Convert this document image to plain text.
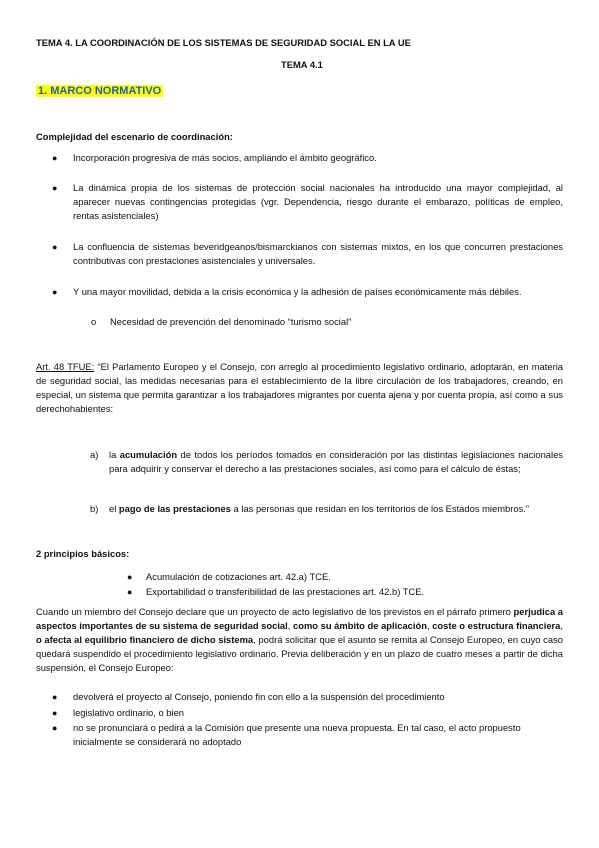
TEMA 4. LA COORDINACIÓN DE LOS SISTEMAS DE SEGURIDAD SOCIAL EN LA UE
TEMA 4.1
1. MARCO NORMATIVO
Complejidad del escenario de coordinación:
● Incorporación progresiva de más socios, ampliando el ámbito geográfico.
● La dinámica propia de los sistemas de protección social nacionales ha introducido una mayor complejidad, al aparecer nuevas contingencias protegidas (vgr. Dependencia, riesgo durante el embarazo, políticas de empleo, rentas asistenciales)
● La confluencia de sistemas beveridgeanos/bismarckianos con sistemas mixtos, en los que concurren prestaciones contributivas con prestaciones asistenciales y universales.
● Y una mayor movilidad, debida a la crisis económica y la adhesión de países económicamente más débiles.
o Necesidad de prevención del denominado “turismo social”
Art. 48 TFUE: “El Parlamento Europeo y el Consejo, con arreglo al procedimiento legislativo ordinario, adoptarán, en materia de seguridad social, las medidas necesarias para el establecimiento de la libre circulación de los trabajadores, creando, en especial, un sistema que permita garantizar a los trabajadores migrantes por cuenta ajena y por cuenta propia, así como a sus derechohabientes:
a) la acumulación de todos los períodos tomados en consideración por las distintas legislaciones nacionales para adquirir y conservar el derecho a las prestaciones sociales, así como para el cálculo de éstas;
b) el pago de las prestaciones a las personas que residan en los territorios de los Estados miembros.”
2 principios básicos:
● Acumulación de cotizaciones art. 42.a) TCE.
● Exportabilidad o transferibilidad de las prestaciones art. 42.b) TCE.
Cuando un miembro del Consejo declare que un proyecto de acto legislativo de los previstos en el párrafo primero perjudica a aspectos importantes de su sistema de seguridad social, como su ámbito de aplicación, coste o estructura financiera, o afecta al equilibrio financiero de dicho sistema, podrá solicitar que el asunto se remita al Consejo Europeo, en cuyo caso quedará suspendido el procedimiento legislativo ordinario. Previa deliberación y en un plazo de cuatro meses a partir de dicha suspensión, el Consejo Europeo:
● devolverá el proyecto al Consejo, poniendo fin con ello a la suspensión del procedimiento
● legislativo ordinario, o bien
● no se pronunciará o pedirá a la Comisión que presente una nueva propuesta. En tal caso, el acto propuesto inicialmente se considerará no adoptado
